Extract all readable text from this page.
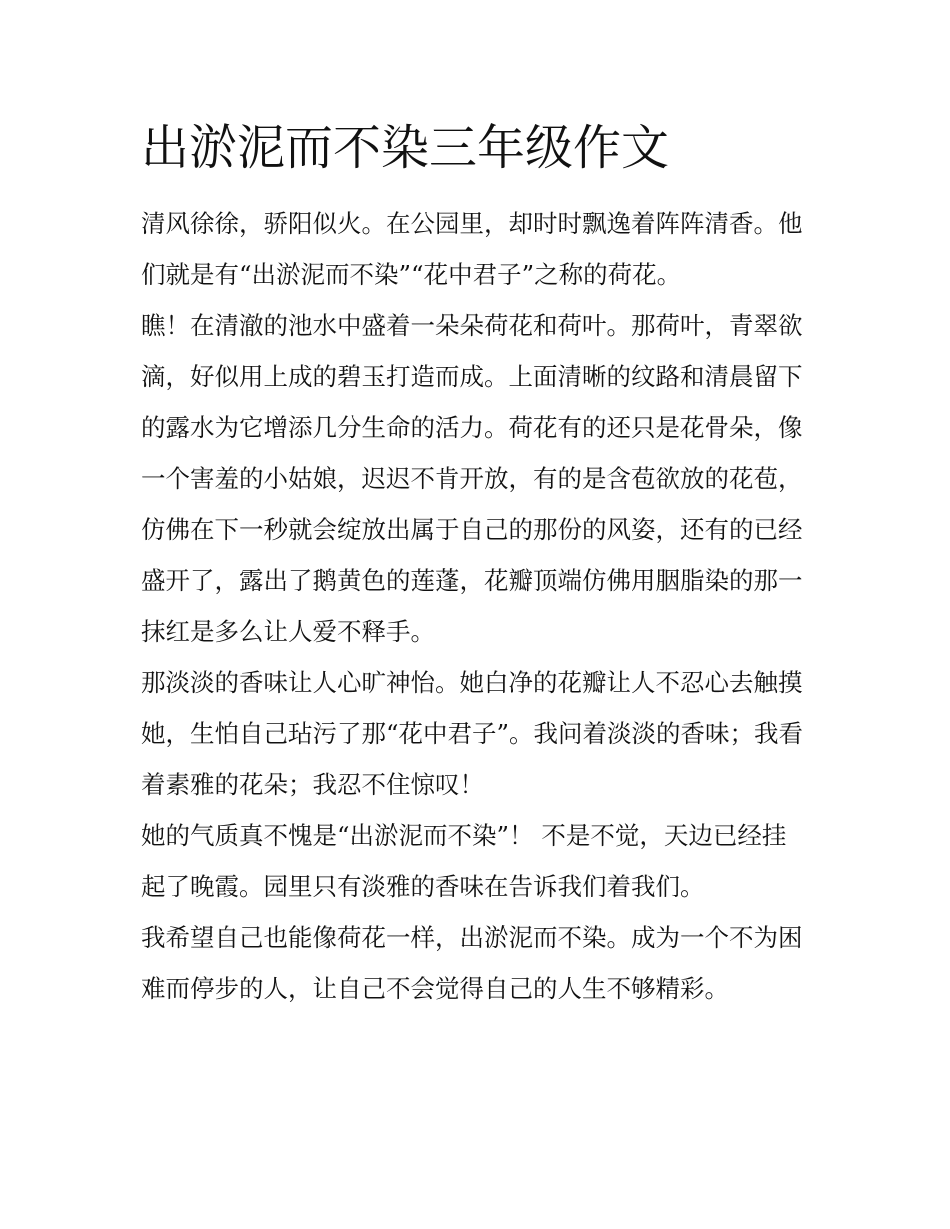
出淤泥而不染三年级作文

清风徐徐，骄阳似火。在公园里，却时时飘逸着阵阵清香。他
们就是有“出淤泥而不染”“花中君子”之称的荷花。

瞧！在清澈的池水中盛着一朵朵荷花和荷叶。那荷叶，青翠欲
滴，好似用上成的碧玉打造而成。上面清晰的纹路和清晨留下
的露水为它增添几分生命的活力。荷花有的还只是花骨朵，像
一个害羞的小姑娘，迟迟不肯开放，有的是含苞欲放的花苞，
仿佛在下一秒就会绽放出属于自己的那份的风姿，还有的已经
盛开了，露出了鹅黄色的莲蓬，花瓣顶端仿佛用胭脂染的那一
抹红是多么让人爱不释手。

那淡淡的香味让人心旷神怡。她白净的花瓣让人不忍心去触摸
她，生怕自己玷污了那“花中君子”。我问着淡淡的香味；我看
着素雅的花朵；我忍不住惊叹！

她的气质真不愧是“出淤泥而不染”！ 不是不觉，天边已经挂
起了晚霞。园里只有淡雅的香味在告诉我们着我们。

我希望自己也能像荷花一样，出淤泥而不染。成为一个不为困
难而停步的人，让自己不会觉得自己的人生不够精彩。
